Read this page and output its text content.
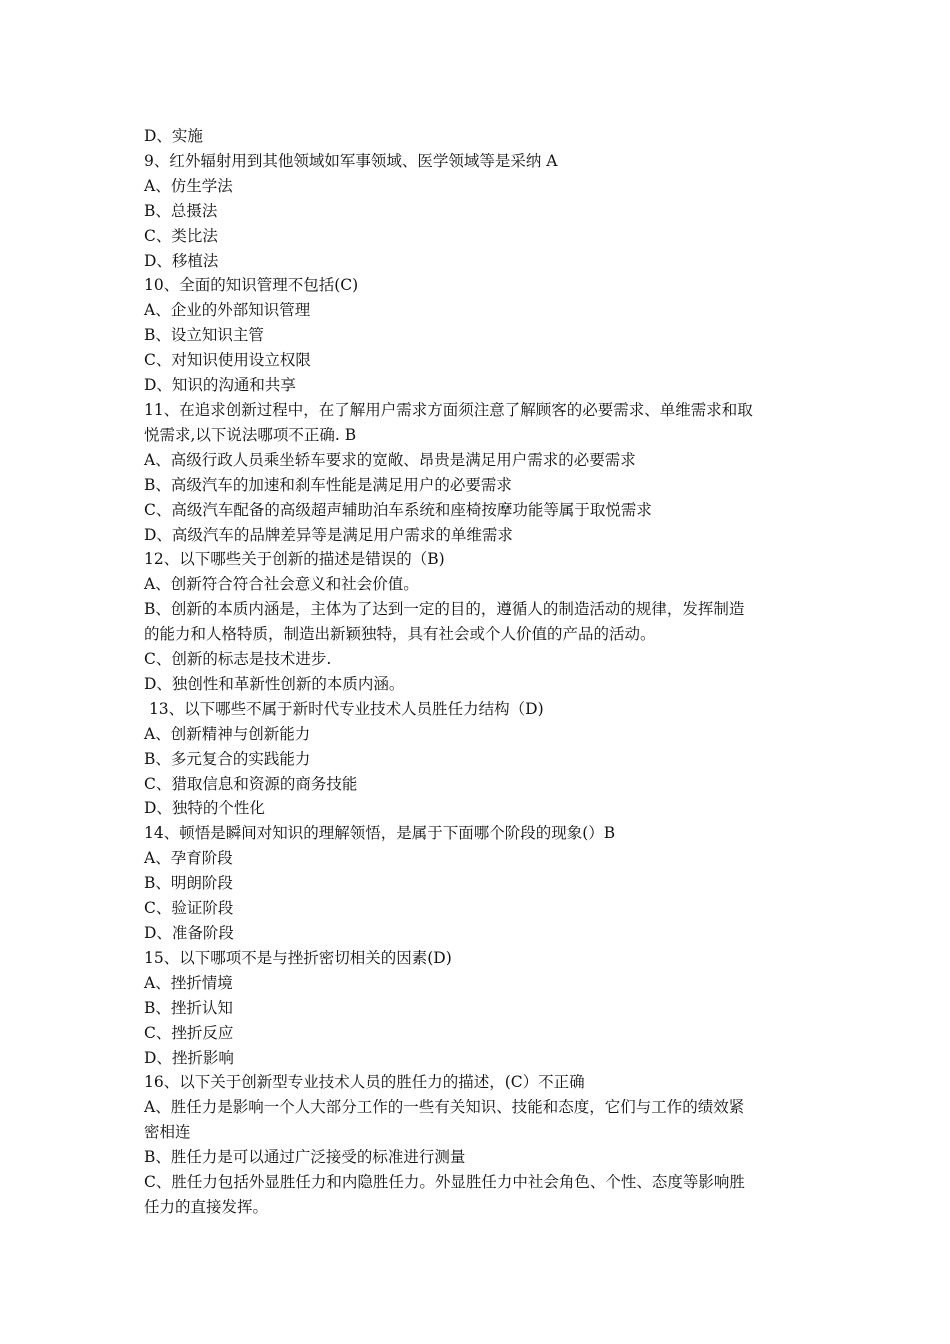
D、实施
9、红外辐射用到其他领域如军事领域、医学领域等是采纳 A
A、仿生学法
B、总摄法
C、类比法
D、移植法
10、全面的知识管理不包括(C)
A、企业的外部知识管理
B、设立知识主管
C、对知识使用设立权限
D、知识的沟通和共享
11、在追求创新过程中，在了解用户需求方面须注意了解顾客的必要需求、单维需求和取
悦需求,以下说法哪项不正确. B
A、高级行政人员乘坐轿车要求的宽敞、昂贵是满足用户需求的必要需求
B、高级汽车的加速和刹车性能是满足用户的必要需求
C、高级汽车配备的高级超声辅助泊车系统和座椅按摩功能等属于取悦需求
D、高级汽车的品牌差异等是满足用户需求的单维需求
12、以下哪些关于创新的描述是错误的（B)
A、创新符合符合社会意义和社会价值。
B、创新的本质内涵是，主体为了达到一定的目的，遵循人的制造活动的规律，发挥制造
的能力和人格特质，制造出新颖独特，具有社会或个人价值的产品的活动。
C、创新的标志是技术进步.
D、独创性和革新性创新的本质内涵。
13、以下哪些不属于新时代专业技术人员胜任力结构（D)
A、创新精神与创新能力
B、多元复合的实践能力
C、猎取信息和资源的商务技能
D、独特的个性化
14、顿悟是瞬间对知识的理解领悟，是属于下面哪个阶段的现象(）B
A、孕育阶段
B、明朗阶段
C、验证阶段
D、准备阶段
15、以下哪项不是与挫折密切相关的因素(D)
A、挫折情境
B、挫折认知
C、挫折反应
D、挫折影响
16、以下关于创新型专业技术人员的胜任力的描述，(C）不正确
A、胜任力是影响一个人大部分工作的一些有关知识、技能和态度，它们与工作的绩效紧
密相连
B、胜任力是可以通过广泛接受的标准进行测量
C、胜任力包括外显胜任力和内隐胜任力。外显胜任力中社会角色、个性、态度等影响胜
任力的直接发挥。
